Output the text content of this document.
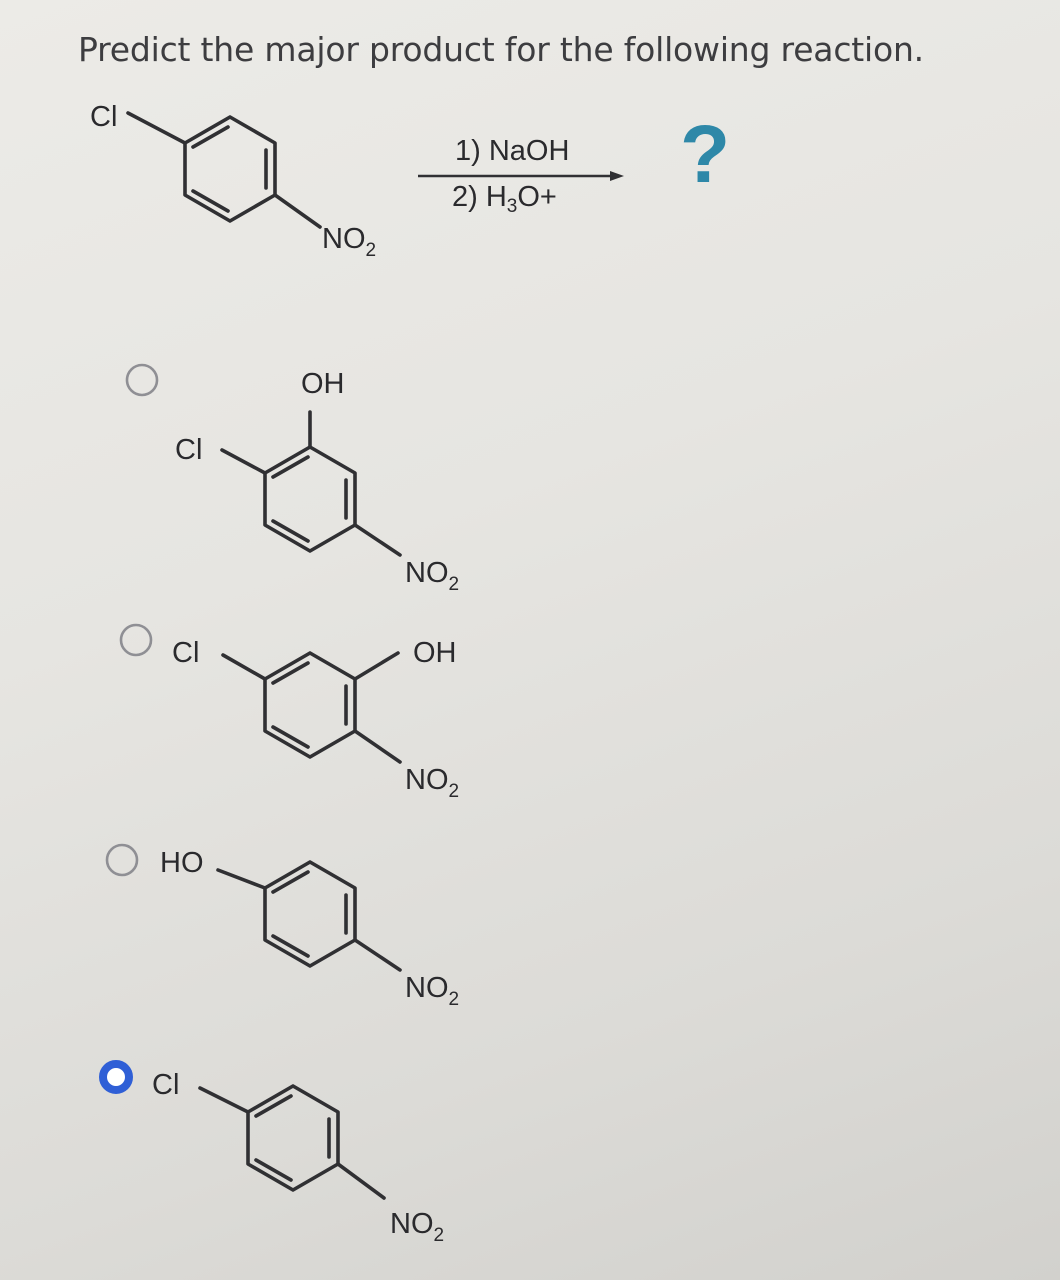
Predict the major product for the following reaction.
Cl
$NO_2$
1) NaOH
2) $H_3O+$ ?
OH
Cl
$NO_2$
Cl	OH
$NO_2$
HO
$NO_2$
Cl
$NO_2$
